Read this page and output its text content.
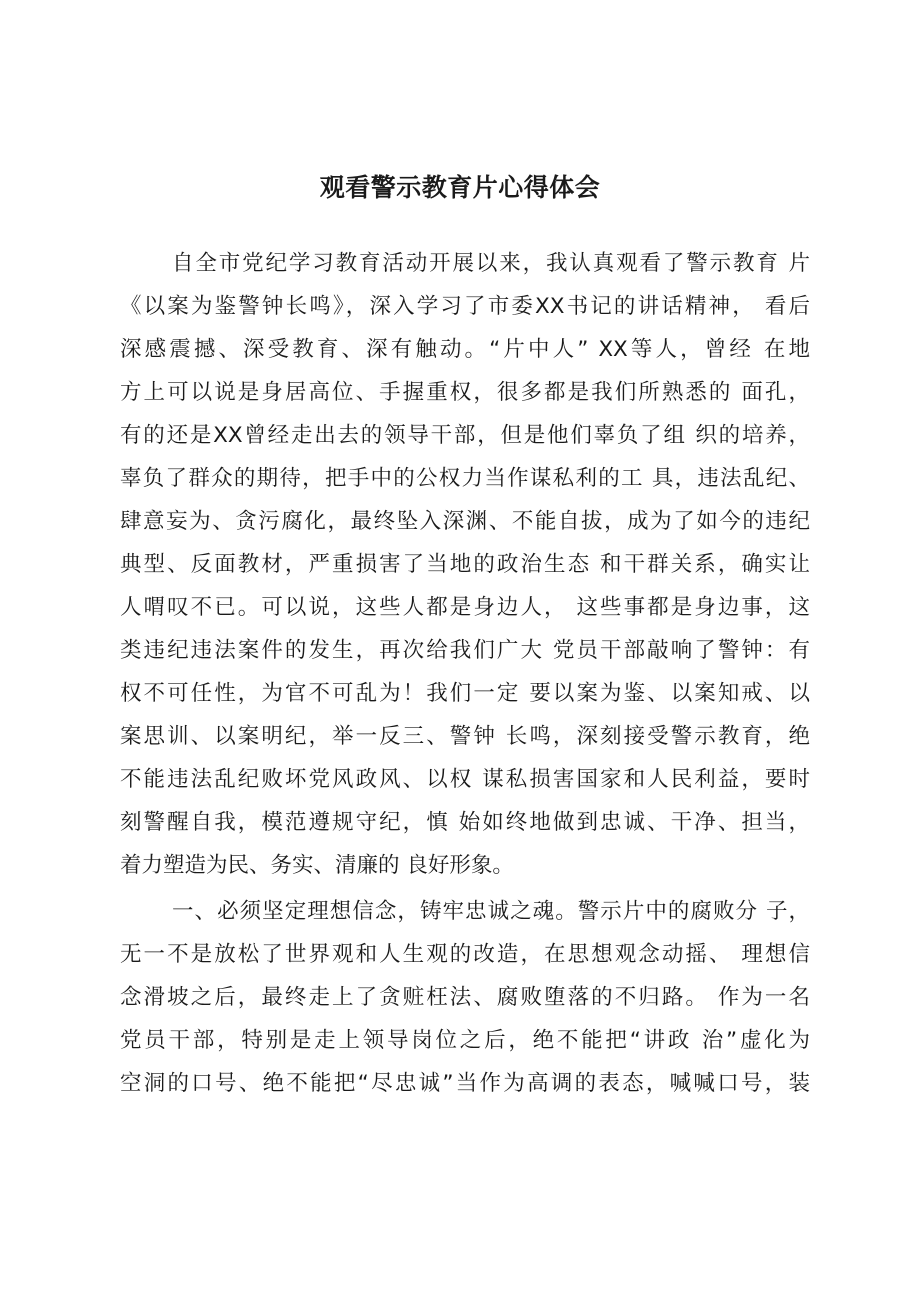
观看警示教育片心得体会

自全市党纪学习教育活动开展以来，我认真观看了警示教育 片

《以案为鉴警钟长鸣》，深入学习了市委XX书记的讲话精神， 看后

深感震撼、深受教育、深有触动。“片中人” XX等人，曾经 在地

方上可以说是身居高位、手握重权，很多都是我们所熟悉的 面孔，

有的还是XX曾经走出去的领导干部，但是他们辜负了组 织的培养，

辜负了群众的期待，把手中的公权力当作谋私利的工 具，违法乱纪、

肆意妄为、贪污腐化，最终坠入深渊、不能自拔，成为了如今的违纪

典型、反面教材，严重损害了当地的政治生态 和干群关系，确实让

人喟叹不已。可以说，这些人都是身边人， 这些事都是身边事，这

类违纪违法案件的发生，再次给我们广大 党员干部敲响了警钟：有

权不可任性，为官不可乱为！我们一定 要以案为鉴、以案知戒、以

案思训、以案明纪，举一反三、警钟 长鸣，深刻接受警示教育，绝

不能违法乱纪败坏党风政风、以权 谋私损害国家和人民利益，要时

刻警醒自我，模范遵规守纪，慎 始如终地做到忠诚、干净、担当，

着力塑造为民、务实、清廉的 良好形象。

一、必须坚定理想信念，铸牢忠诚之魂。警示片中的腐败分 子，

无一不是放松了世界观和人生观的改造，在思想观念动摇、 理想信

念滑坡之后，最终走上了贪赃枉法、腐败堕落的不归路。 作为一名

党员干部，特别是走上领导岗位之后，绝不能把“讲政 治”虚化为

空洞的口号、绝不能把“尽忠诚”当作为高调的表态，喊喊口号，装
